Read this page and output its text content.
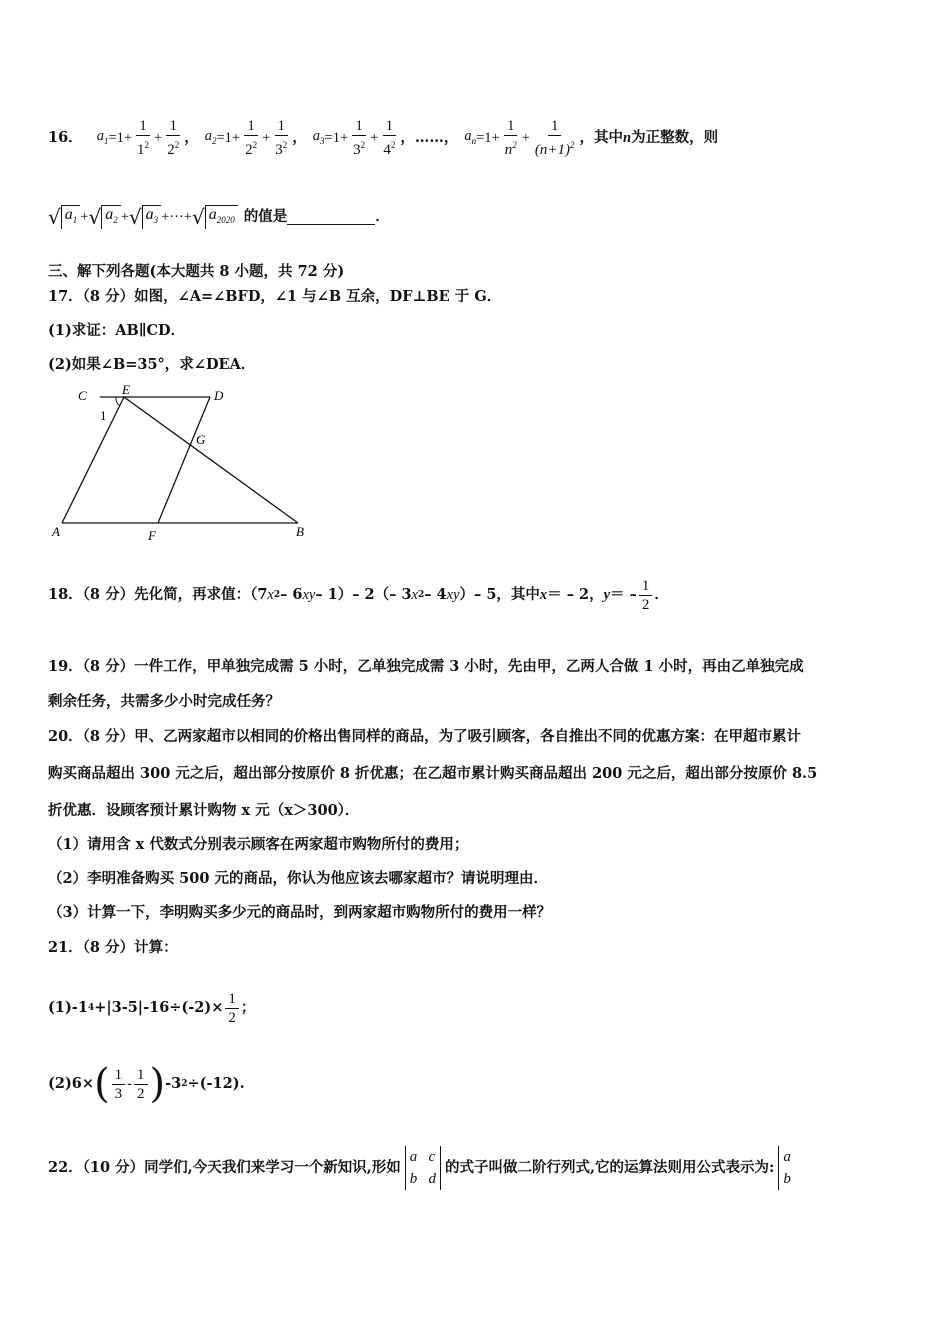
16． $a_1 =1+ \frac{1}{1^2} + \frac{1}{2^2}$ ， $a_2 =1+ \frac{1}{2^2} + \frac{1}{3^2}$ ， $a_3 =1+ \frac{1}{3^2} + \frac{1}{4^2}$ ，……， $a_n =1+ \frac{1}{n^2} + \frac{1}{(n+1)^2}$ ，其中 n 为正整数，则
√ $a_1$ + √ $a_2$ + √ $a_3$ +···+ √ $a_{2020}$ 的值是	．
三、解下列各题(本大题共 8 小题，共 72 分)
17．（8 分）如图，∠A=∠BFD，∠1 与∠B 互余，DF⊥BE 于 G．
(1)求证：AB∥CD．
(2)如果∠B=35°，求∠DEA．
C	E	D
1
G
A	F	B
18．（8 分）先化简，再求值：（7 x 2 – 6 xy – 1）– 2（– 3 x 2 – 4 xy ）– 5，其中 x ＝ – 2， y ＝ –
1
2
．
19．（8 分）一件工作，甲单独完成需 5 小时，乙单独完成需 3 小时，先由甲，乙两人合做 1 小时，再由乙单独完成
剩余任务，共需多少小时完成任务？
20．（8 分）甲、乙两家超市以相同的价格出售同样的商品，为了吸引顾客，各自推出不同的优惠方案：在甲超市累计
购买商品超出 300 元之后，超出部分按原价 8 折优惠；在乙超市累计购买商品超出 200 元之后，超出部分按原价 8.5
折优惠．设顾客预计累计购物 x 元（x＞300）．
（1）请用含 x 代数式分别表示顾客在两家超市购物所付的费用；
（2）李明准备购买 500 元的商品，你认为他应该去哪家超市？请说明理由．
（3）计算一下，李明购买多少元的商品时，到两家超市购物所付的费用一样？
21．（8 分）计算：
(1)-1 $4 +|3-5|-16\div(-2)\times \frac{1}{2}$ ；
(2)6× ( 1
3
-
1
2 ) -3 2 ÷(-12).
22．（10 分）同学们,今天我们来学习一个新知识,形如
a c
b d
的式子叫做二阶行列式,它的运算法则用公式表示为:
a
b
